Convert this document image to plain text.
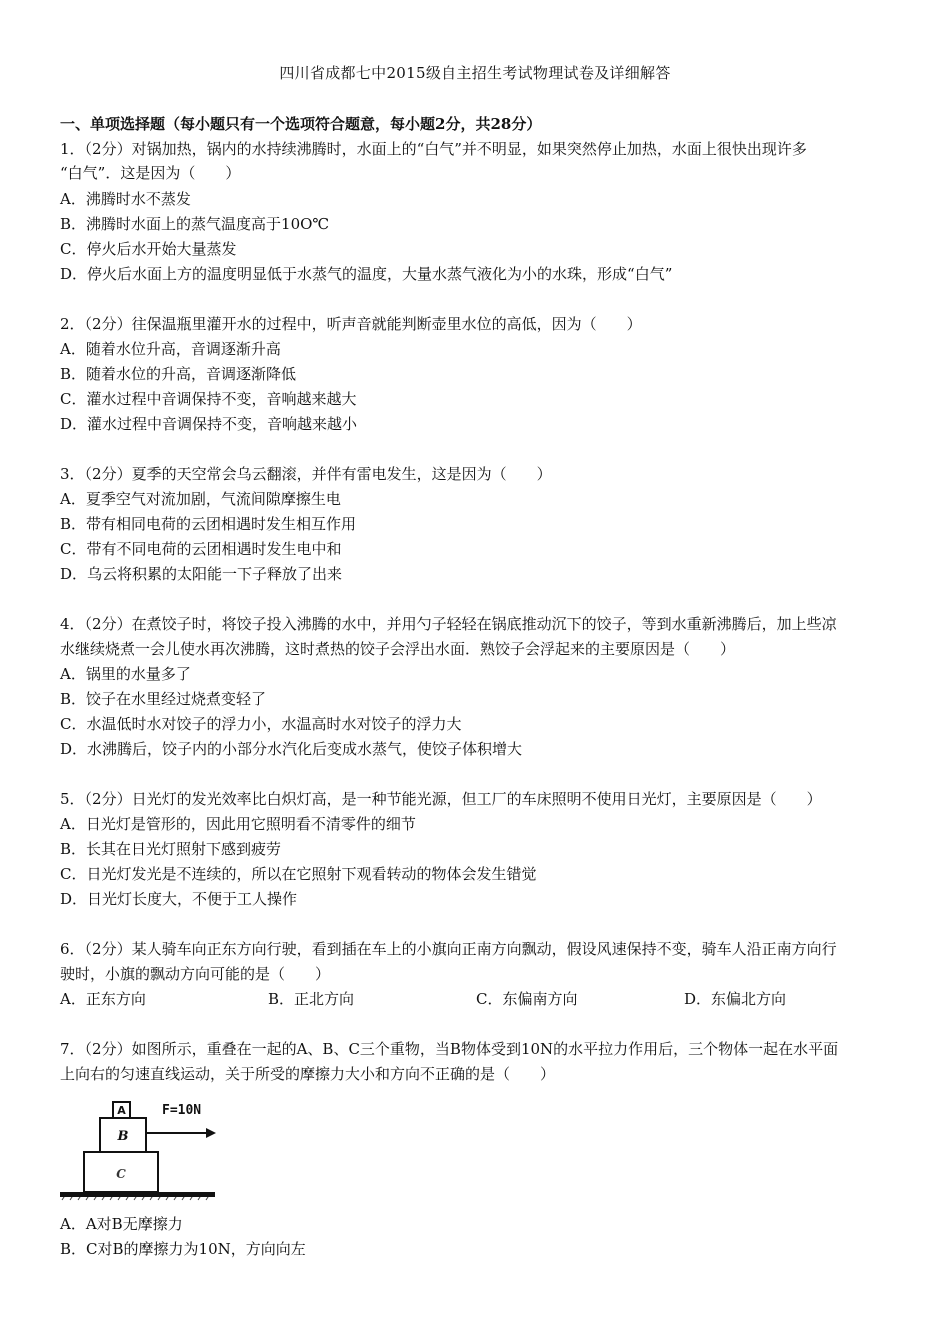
四川省成都七中2015级自主招生考试物理试卷及详细解答
一、单项选择题（每小题只有一个选项符合题意，每小题2分，共28分）
1．（2分）对锅加热，锅内的水持续沸腾时，水面上的“白气”并不明显，如果突然停止加热，水面上很快出现许多
“白气”．这是因为（　　）
A．沸腾时水不蒸发
B．沸腾时水面上的蒸气温度高于10O℃
C．停火后水开始大量蒸发
D．停火后水面上方的温度明显低于水蒸气的温度，大量水蒸气液化为小的水珠，形成“白气”
2．（2分）往保温瓶里灌开水的过程中，听声音就能判断壶里水位的高低，因为（　　）
A．随着水位升高，音调逐渐升高
B．随着水位的升高，音调逐渐降低
C．灌水过程中音调保持不变，音响越来越大
D．灌水过程中音调保持不变，音响越来越小
3．（2分）夏季的天空常会乌云翻滚，并伴有雷电发生，这是因为（　　）
A．夏季空气对流加剧，气流间隙摩擦生电
B．带有相同电荷的云团相遇时发生相互作用
C．带有不同电荷的云团相遇时发生电中和
D．乌云将积累的太阳能一下子释放了出来
4．（2分）在煮饺子时，将饺子投入沸腾的水中，并用勺子轻轻在锅底推动沉下的饺子，等到水重新沸腾后，加上些凉
水继续烧煮一会儿使水再次沸腾，这时煮热的饺子会浮出水面．熟饺子会浮起来的主要原因是（　　）
A．锅里的水量多了
B．饺子在水里经过烧煮变轻了
C．水温低时水对饺子的浮力小，水温高时水对饺子的浮力大
D．水沸腾后，饺子内的小部分水汽化后变成水蒸气，使饺子体积增大
5．（2分）日光灯的发光效率比白炽灯高，是一种节能光源，但工厂的车床照明不使用日光灯，主要原因是（　　）
A．日光灯是管形的，因此用它照明看不清零件的细节
B．长其在日光灯照射下感到疲劳
C．日光灯发光是不连续的，所以在它照射下观看转动的物体会发生错觉
D．日光灯长度大，不便于工人操作
6．（2分）某人骑车向正东方向行驶，看到插在车上的小旗向正南方向飘动，假设风速保持不变，骑车人沿正南方向行
驶时，小旗的飘动方向可能的是（　　）
A．正东方向	B．正北方向	C．东偏南方向	D．东偏北方向
7．（2分）如图所示，重叠在一起的A、B、C三个重物，当B物体受到10N的水平拉力作用后，三个物体一起在水平面
上向右的匀速直线运动，关于所受的摩擦力大小和方向不正确的是（　　）
C
B
A	F=10N
A．A对B无摩擦力
B．C对B的摩擦力为10N，方向向左
